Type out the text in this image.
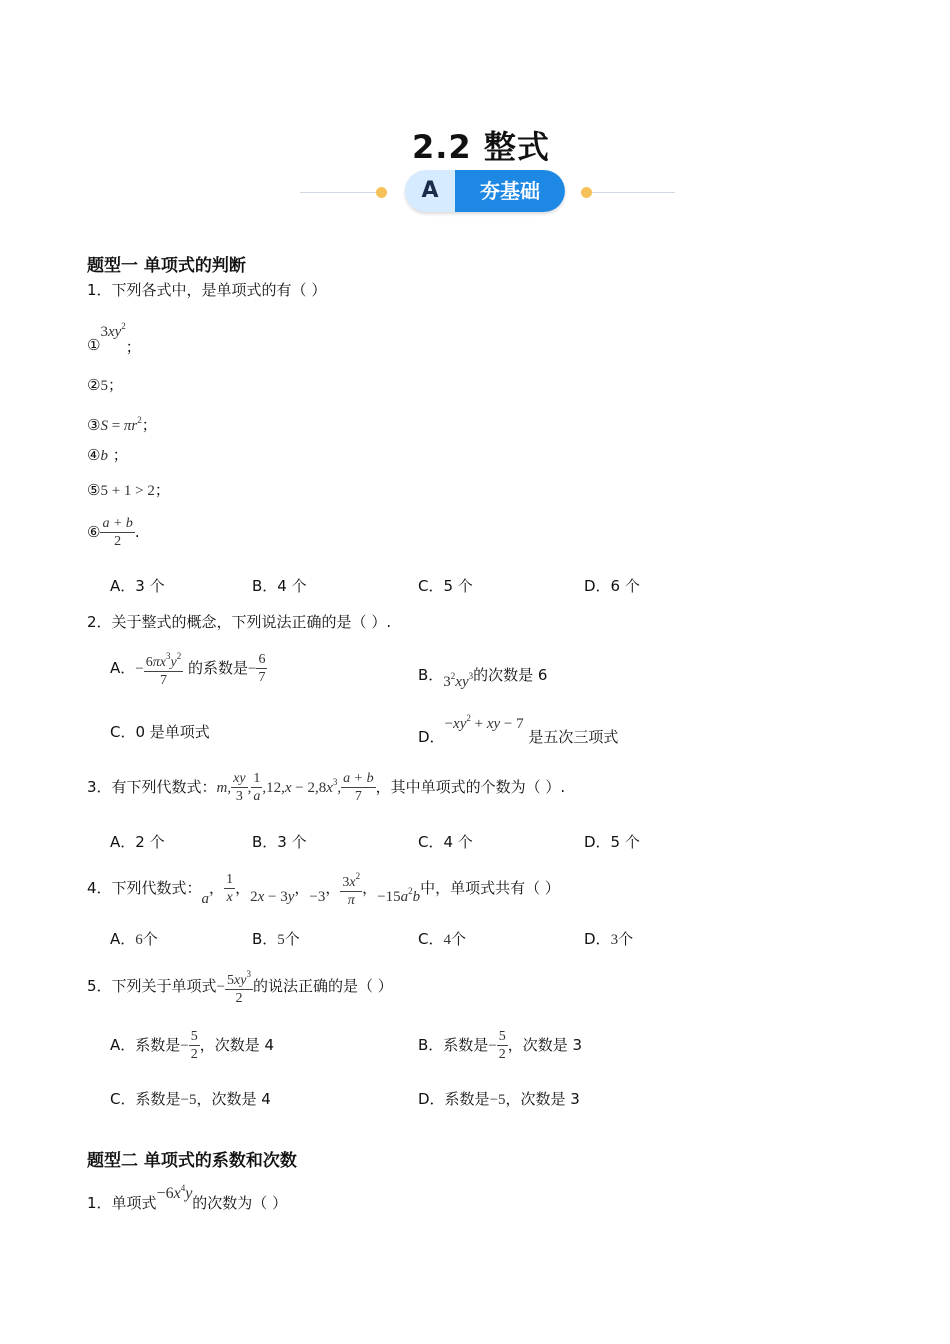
2.2 整式
A	夯基础
题型一 单项式的判断
1．下列各式中，是单项式的有（ ）
$①3xy^2$；
②5；
③S = $\pi r^2$；
④b ；
⑤5 + 1 > 2；
⑥ $\frac{a + b}{2}$ .
A．3 个	B．4 个	C．5 个	D．6 个
2．关于整式的概念，下列说法正确的是（ ）.
A．− $\frac{6\pi x^3y^2}{7}$ 的系数是− $\frac{6}{7}$	B．$3^2xy^3$的次数是 6
C．0 是单项式	D．$-xy^2$ + xy − 7 是五次三项式
3．有下列代数式：m, $\frac{xy}{3}$ , $\frac{1}{a} ,12,x - 2,8x^3$, $\frac{a + b}{7}$ ，其中单项式的个数为（ ）.
A．2 个	B．3 个	C．4 个	D．5 个
4．下列代数式：a， $\frac{1}{x}$ ，2x − 3y，−3， $\frac{3x^2}{\pi}$ ，$-15a^2b$中，单项式共有（ ）
A．6个	B．5个	C．4个	D．3个
5．下列关于单项式− $\frac{5xy^3}{2}$ 的说法正确的是（ ）
A．系数是− $\frac{5}{2}$ ，次数是 4	B．系数是− $\frac{5}{2}$ ，次数是 3
C．系数是−5，次数是 4	D．系数是−5，次数是 3
题型二 单项式的系数和次数
1．单项式$-6x^4y$的次数为（ ）
